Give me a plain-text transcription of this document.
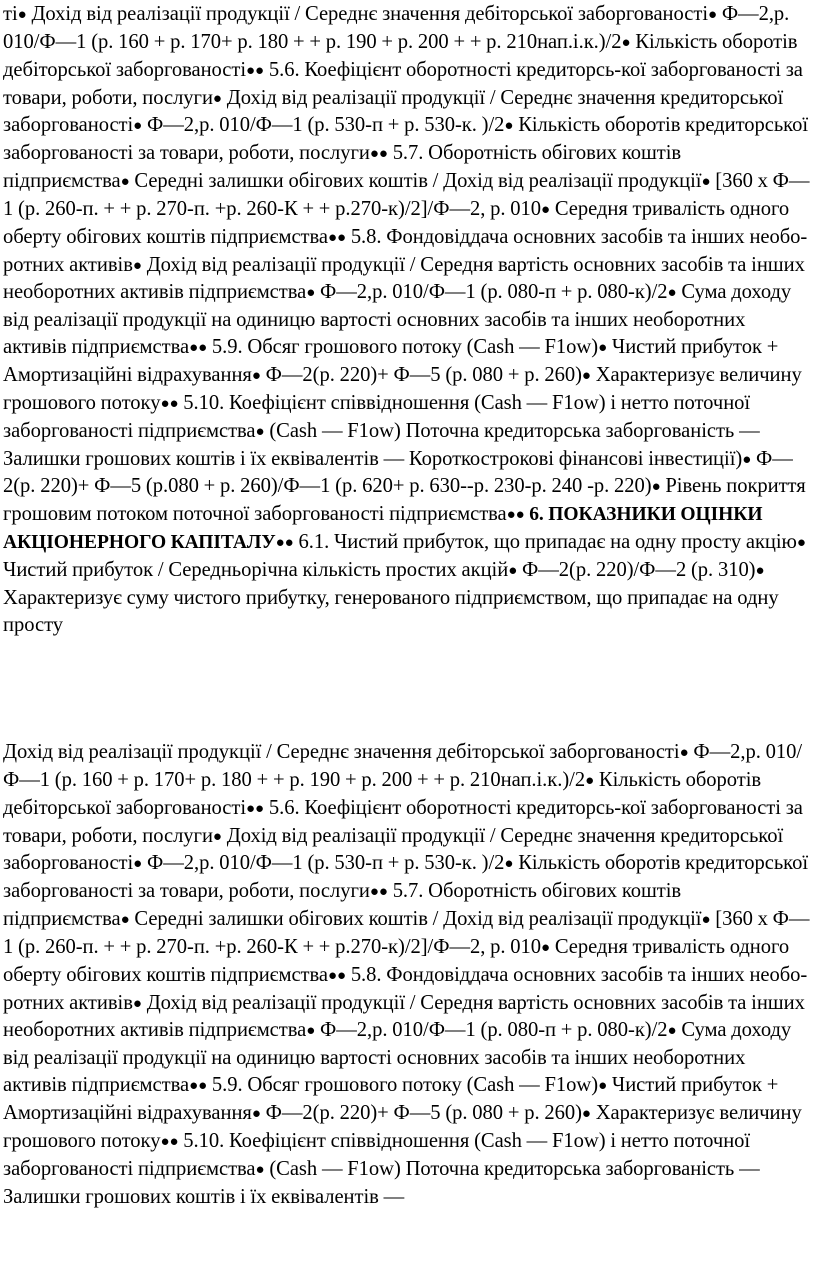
ті● Дохід від реалізації продукції / Середнє значення дебіторської заборгованості● Ф—2,р. 010/Ф—1 (р. 160 + р. 170+ р. 180 + + р. 190 + р. 200 + + р. 210нап.і.к.)/2● Кількість оборотів дебіторської заборгованості●● 5.6. Коефіцієнт оборотності кредиторсь-кої заборгованості за товари, роботи, послуги● Дохід від реалізації продукції / Середнє значення кредиторської заборгованості● Ф—2,р. 010/Ф—1 (р. 530-п + р. 530-к. )/2● Кількість оборотів кредиторської заборгованості за товари, роботи, послуги●● 5.7. Оборотність обігових коштів підприємства● Середні залишки обігових коштів / Дохід від реалізації продукції● [360 х Ф—1 (р. 260-п. + + р. 270-п. +р. 260-К + + р.270-к)/2]/Ф—2, р. 010● Середня тривалість одного оберту обігових коштів підприємства●● 5.8. Фондовіддача основних засобів та інших необо-ротних активів● Дохід від реалізації продукції / Середня вартість основних засобів та інших необоротних активів підприємства● Ф—2,р. 010/Ф—1 (р. 080-п + р. 080-к)/2● Сума доходу від реалізації продукції на одиницю вартості основних засобів та інших необоротних активів підприємства●● 5.9. Обсяг грошового потоку (Cash — F1ow)● Чистий прибуток + Амортизаційні відрахування● Ф—2(р. 220)+ Ф—5 (р. 080 + р. 260)● Характеризує величину грошового потоку●● 5.10. Коефіцієнт співвідношення (Cash — F1ow) і нетто поточної заборгованості підприємства● (Cash — F1ow) Поточна кредиторська заборгованість — Залишки грошових коштів і їх еквівалентів — Короткострокові фінансові інвестиції)● Ф—2(р. 220)+ Ф—5 (р.080 + р. 260)/Ф—1 (р. 620+ р. 630--р. 230-р. 240 -р. 220)● Рівень покриття грошовим потоком поточної заборгованості підприємства●● 6. ПОКАЗНИКИ ОЦІНКИ АКЦІОНЕРНОГО КАПІТАЛУ●● 6.1. Чистий прибуток, що припадає на одну просту акцію● Чистий прибуток / Середньорічна кількість простих акцій● Ф—2(р. 220)/Ф—2 (р. 310)● Характеризує суму чистого прибутку, генерованого підприємством, що припадає на одну просту
Дохід від реалізації продукції / Середнє значення дебіторської заборгованості● Ф—2,р. 010/Ф—1 (р. 160 + р. 170+ р. 180 + + р. 190 + р. 200 + + р. 210нап.і.к.)/2● Кількість оборотів дебіторської заборгованості●● 5.6. Коефіцієнт оборотності кредиторсь-кої заборгованості за товари, роботи, послуги● Дохід від реалізації продукції / Середнє значення кредиторської заборгованості● Ф—2,р. 010/Ф—1 (р. 530-п + р. 530-к. )/2● Кількість оборотів кредиторської заборгованості за товари, роботи, послуги●● 5.7. Оборотність обігових коштів підприємства● Середні залишки обігових коштів / Дохід від реалізації продукції● [360 х Ф—1 (р. 260-п. + + р. 270-п. +р. 260-К + + р.270-к)/2]/Ф—2, р. 010● Середня тривалість одного оберту обігових коштів підприємства●● 5.8. Фондовіддача основних засобів та інших необо-ротних активів● Дохід від реалізації продукції / Середня вартість основних засобів та інших необоротних активів підприємства● Ф—2,р. 010/Ф—1 (р. 080-п + р. 080-к)/2● Сума доходу від реалізації продукції на одиницю вартості основних засобів та інших необоротних активів підприємства●● 5.9. Обсяг грошового потоку (Cash — F1ow)● Чистий прибуток + Амортизаційні відрахування● Ф—2(р. 220)+ Ф—5 (р. 080 + р. 260)● Характеризує величину грошового потоку●● 5.10. Коефіцієнт співвідношення (Cash — F1ow) і нетто поточної заборгованості підприємства● (Cash — F1ow) Поточна кредиторська заборгованість — Залишки грошових коштів і їх еквівалентів —
